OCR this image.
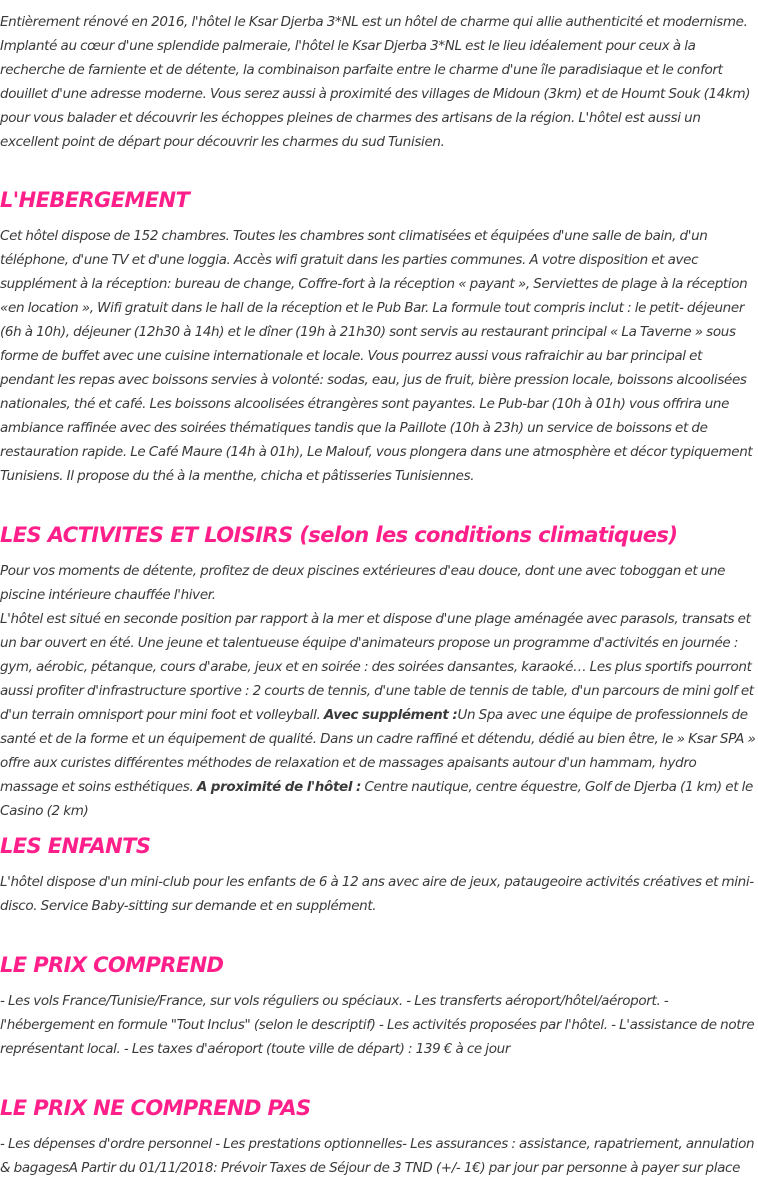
Entièrement rénové en 2016, l'hôtel le Ksar Djerba 3*NL est un hôtel de charme qui allie authenticité et modernisme. Implanté au cœur d'une splendide palmeraie, l'hôtel le Ksar Djerba 3*NL est le lieu idéalement pour ceux à la recherche de farniente et de détente, la combinaison parfaite entre le charme d'une île paradisiaque et le confort douillet d'une adresse moderne. Vous serez aussi à proximité des villages de Midoun (3km) et de Houmt Souk (14km) pour vous balader et découvrir les échoppes pleines de charmes des artisans de la région. L'hôtel est aussi un excellent point de départ pour découvrir les charmes du sud Tunisien.

L'HEBERGEMENT

Cet hôtel dispose de 152 chambres. Toutes les chambres sont climatisées et équipées d'une salle de bain, d'un téléphone, d'une TV et d'une loggia. Accès wifi gratuit dans les parties communes. A votre disposition et avec supplément à la réception: bureau de change, Coffre-fort à la réception « payant », Serviettes de plage à la réception «en location », Wifi gratuit dans le hall de la réception et le Pub Bar. La formule tout compris inclut : le petit- déjeuner (6h à 10h), déjeuner (12h30 à 14h) et le dîner (19h à 21h30) sont servis au restaurant principal « La Taverne » sous forme de buffet avec une cuisine internationale et locale. Vous pourrez aussi vous rafraichir au bar principal et pendant les repas avec boissons servies à volonté: sodas, eau, jus de fruit, bière pression locale, boissons alcoolisées nationales, thé et café. Les boissons alcoolisées étrangères sont payantes. Le Pub-bar (10h à 01h) vous offrira une ambiance raffinée avec des soirées thématiques tandis que la Paillote (10h à 23h) un service de boissons et de restauration rapide. Le Café Maure (14h à 01h), Le Malouf, vous plongera dans une atmosphère et décor typiquement Tunisiens. Il propose du thé à la menthe, chicha et pâtisseries Tunisiennes.

LES ACTIVITES ET LOISIRS (selon les conditions climatiques)

Pour vos moments de détente, profitez de deux piscines extérieures d'eau douce, dont une avec toboggan et une piscine intérieure chauffée l'hiver.

L'hôtel est situé en seconde position par rapport à la mer et dispose d'une plage aménagée avec parasols, transats et un bar ouvert en été. Une jeune et talentueuse équipe d'animateurs propose un programme d'activités en journée : gym, aérobic, pétanque, cours d'arabe, jeux et en soirée : des soirées dansantes, karaoké… Les plus sportifs pourront aussi profiter d'infrastructure sportive : 2 courts de tennis, d'une table de tennis de table, d'un parcours de mini golf et d'un terrain omnisport pour mini foot et volleyball. Avec supplément :Un Spa avec une équipe de professionnels de santé et de la forme et un équipement de qualité. Dans un cadre raffiné et détendu, dédié au bien être, le » Ksar SPA » offre aux curistes différentes méthodes de relaxation et de massages apaisants autour d'un hammam, hydro massage et soins esthétiques. A proximité de l'hôtel : Centre nautique, centre équestre, Golf de Djerba (1 km) et le Casino (2 km)

LES ENFANTS

L'hôtel dispose d'un mini-club pour les enfants de 6 à 12 ans avec aire de jeux, pataugeoire activités créatives et mini-disco. Service Baby-sitting sur demande et en supplément.

LE PRIX COMPREND

- Les vols France/Tunisie/France, sur vols réguliers ou spéciaux. - Les transferts aéroport/hôtel/aéroport. - l'hébergement en formule "Tout Inclus" (selon le descriptif) - Les activités proposées par l'hôtel. - L'assistance de notre représentant local. - Les taxes d'aéroport (toute ville de départ) : 139 € à ce jour

LE PRIX NE COMPREND PAS

- Les dépenses d'ordre personnel - Les prestations optionnelles- Les assurances : assistance, rapatriement, annulation & bagagesA Partir du 01/11/2018: Prévoir Taxes de Séjour de 3 TND (+/- 1€) par jour par personne à payer sur place
